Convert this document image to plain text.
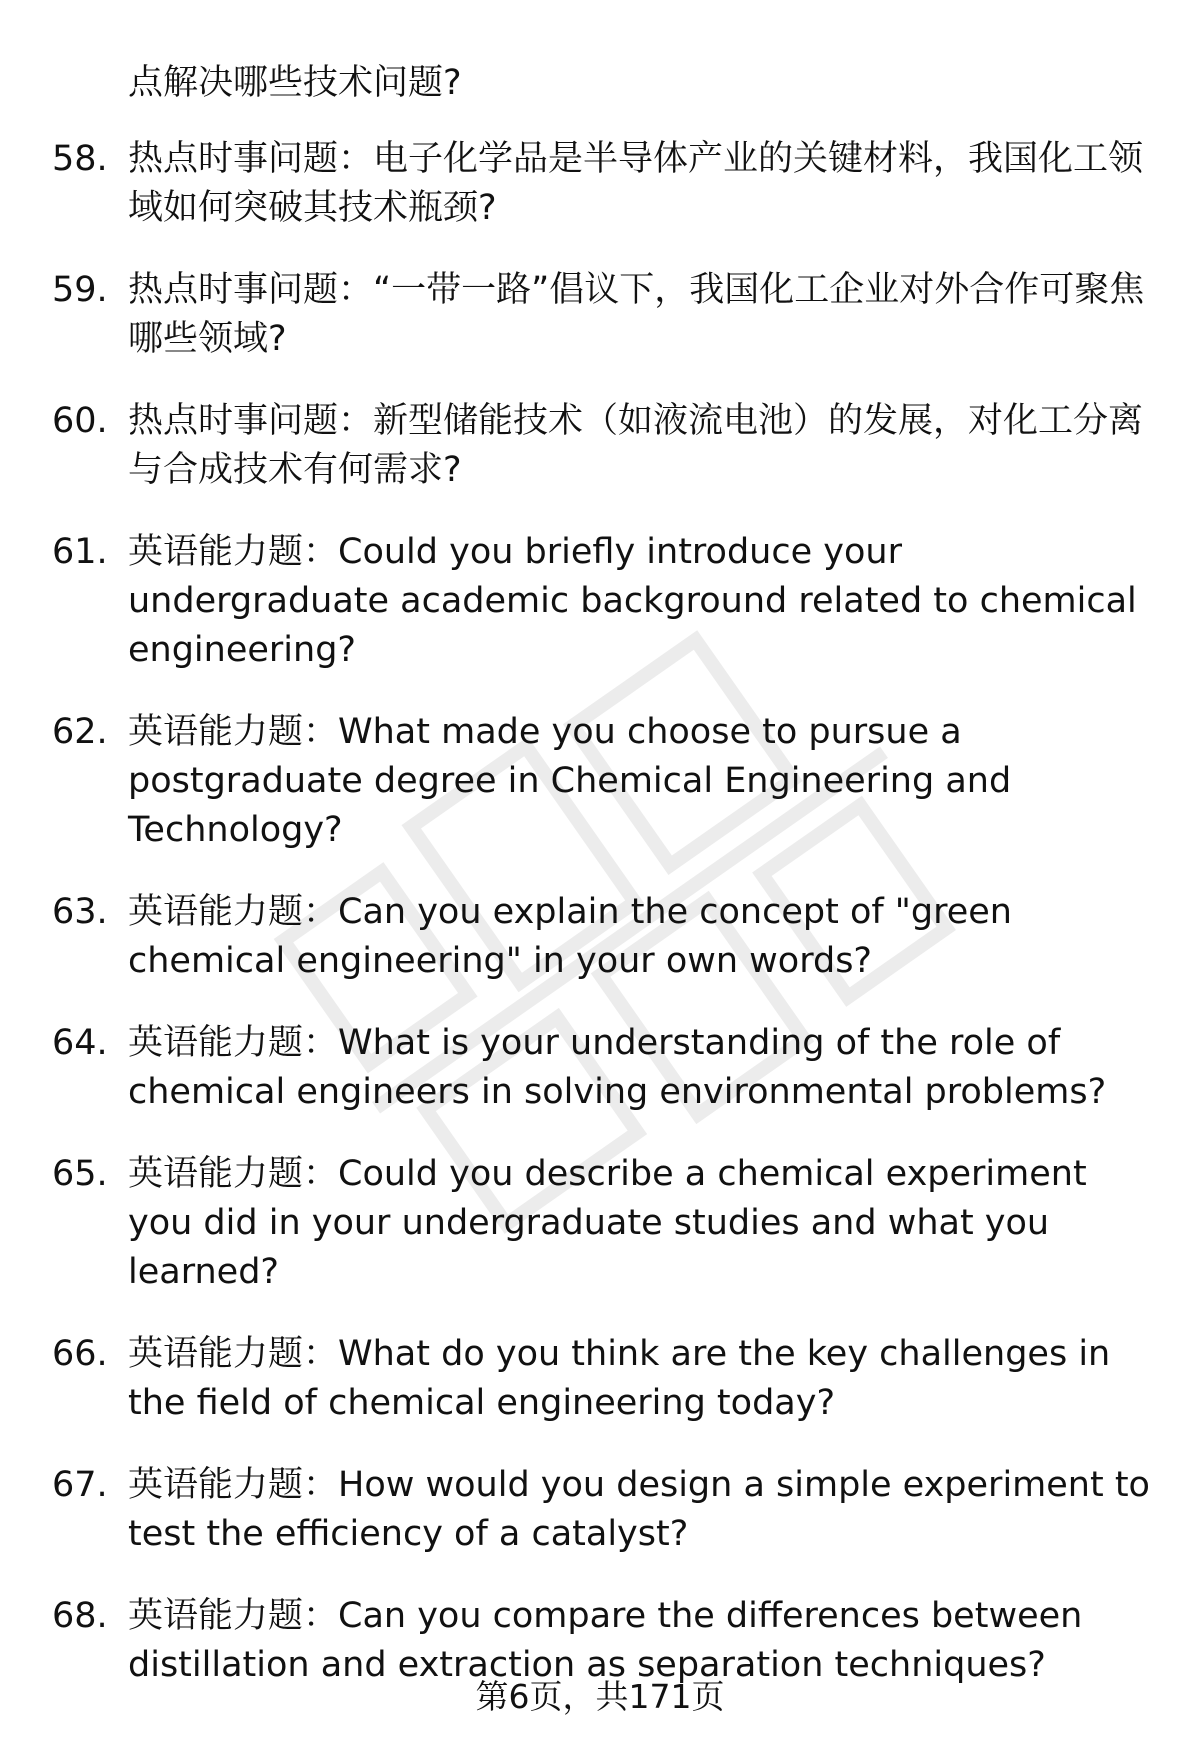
点解决哪些技术问题?

58. 热点时事问题：电子化学品是半导体产业的关键材料，我国化工领域如何突破其技术瓶颈?
59. 热点时事问题：“一带一路”倡议下，我国化工企业对外合作可聚焦哪些领域?
60. 热点时事问题：新型储能技术（如液流电池）的发展，对化工分离与合成技术有何需求?
61. 英语能力题：Could you briefly introduce your undergraduate academic background related to chemical engineering?
62. 英语能力题：What made you choose to pursue a postgraduate degree in Chemical Engineering and Technology?
63. 英语能力题：Can you explain the concept of "green chemical engineering" in your own words?
64. 英语能力题：What is your understanding of the role of chemical engineers in solving environmental problems?
65. 英语能力题：Could you describe a chemical experiment you did in your undergraduate studies and what you learned?
66. 英语能力题：What do you think are the key challenges in the field of chemical engineering today?
67. 英语能力题：How would you design a simple experiment to test the efficiency of a catalyst?
68. 英语能力题：Can you compare the differences between distillation and extraction as separation techniques?
第6页，共171页
